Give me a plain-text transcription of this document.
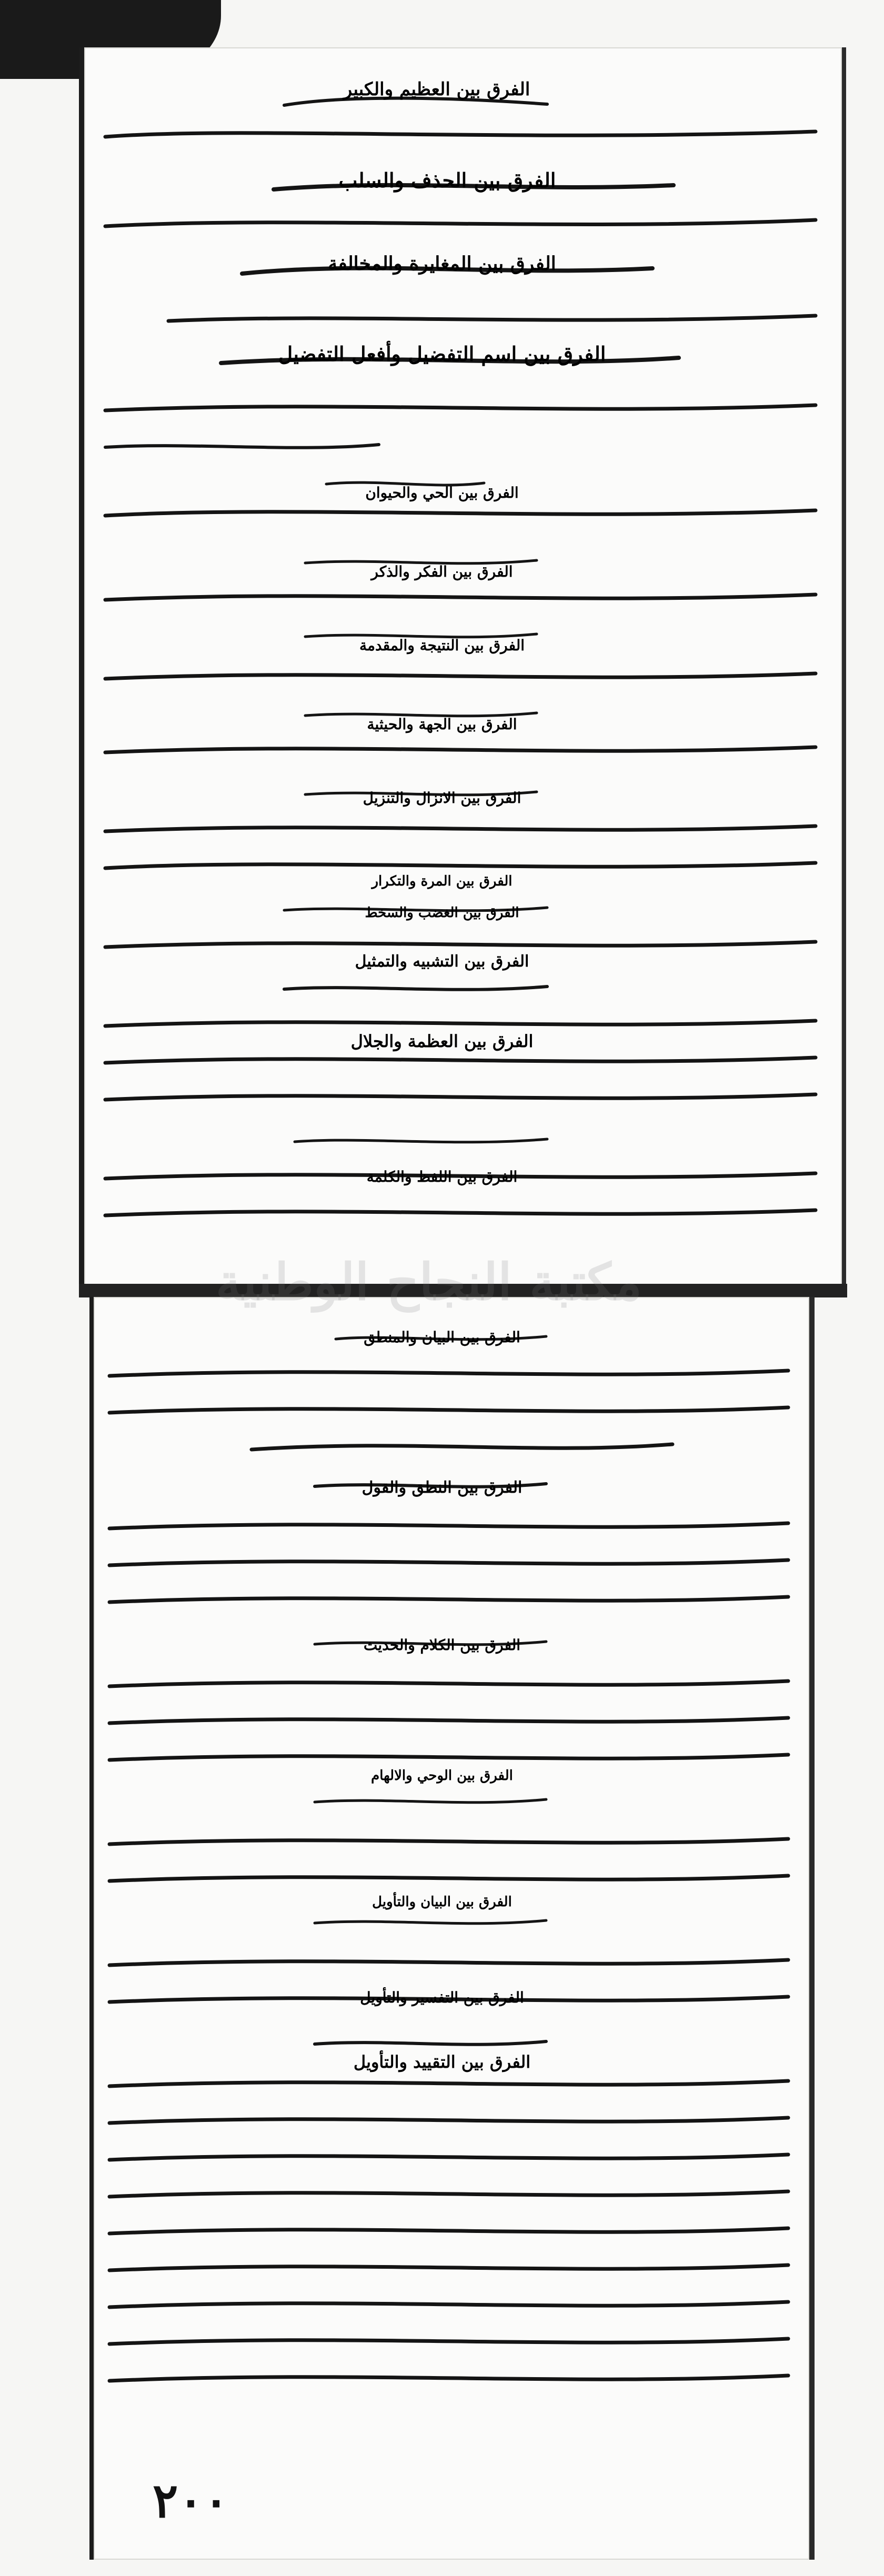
الفرق بين العظيم والكبير
الفرق بين الحذف والسلب
الفرق بين المغايرة والمخالفة
الفرق بين اسم التفضيل وأفعل التفضيل
الفرق بين الحي والحيوان
الفرق بين الفكر والذكر
الفرق بين النتيجة والمقدمة
الفرق بين الجهة والحيثية
الفرق بين الانزال والتنزيل
الفرق بين المرة والتكرار
الفرق بين الغضب والسخط
الفرق بين التشبيه والتمثيل
الفرق بين العظمة والجلال
الفرق بين اللفظ والكلمة
الفرق بين البيان والمنطق
الفرق بين النطق والقول
الفرق بين الكلام والحديث
الفرق بين الوحي والالهام
الفرق بين البيان والتأويل
الفرق بين التفسير والتأويل
الفرق بين التقييد والتأويل
مكتبة النجاح الوطنية
٢٠٠
